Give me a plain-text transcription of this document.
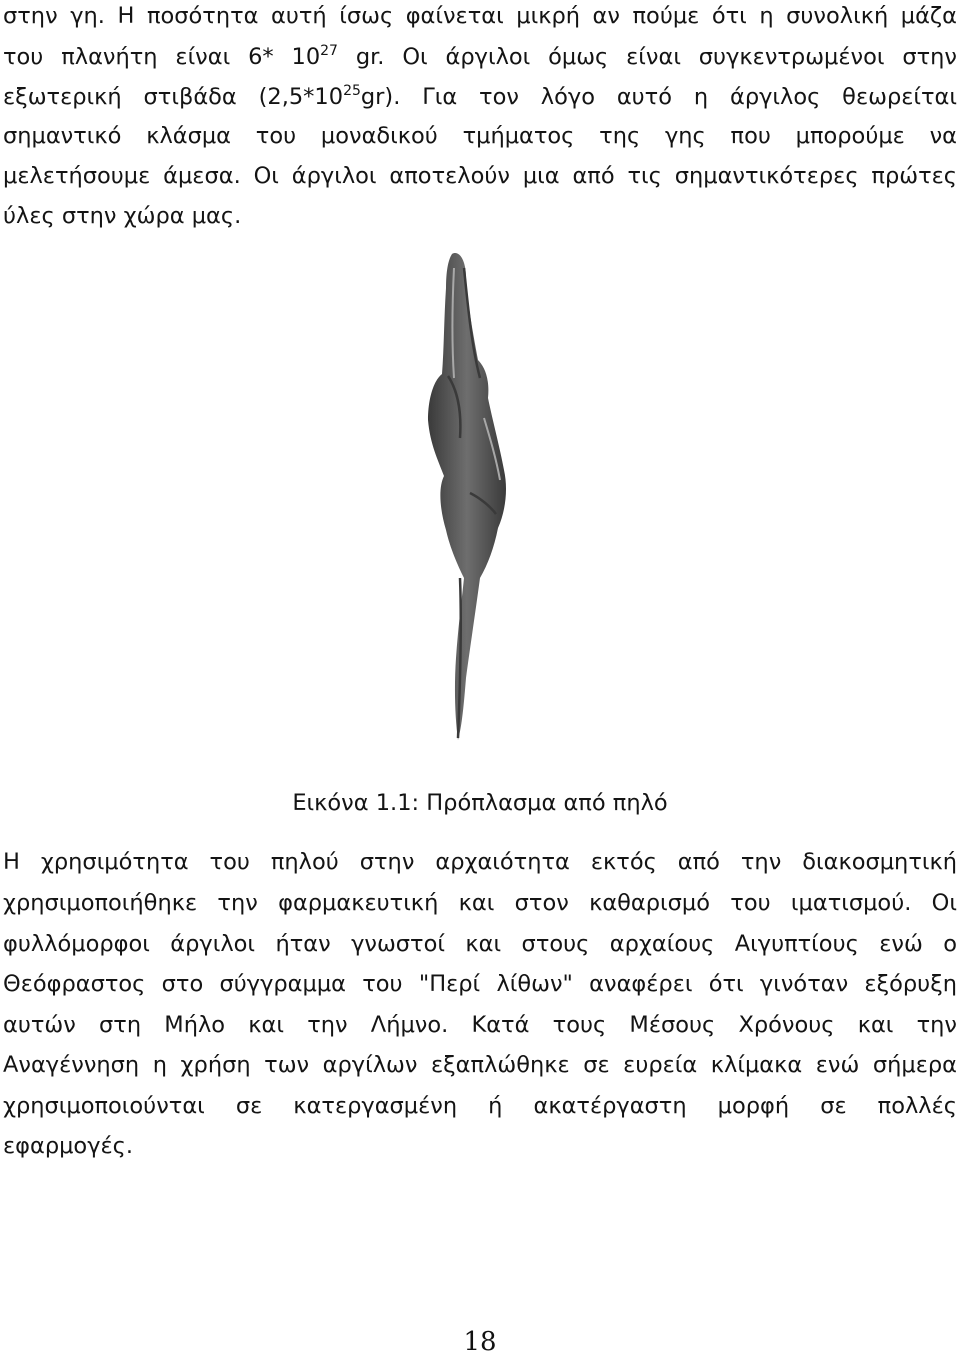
στην γη. Η ποσότητα αυτή ίσως φαίνεται μικρή αν πούμε ότι η συνολική μάζα
του πλανήτη είναι 6* $10^{27}$ gr. Οι άργιλοι όμως είναι συγκεντρωμένοι στην
εξωτερική στιβάδα $(2,5*10^{25}gr)$. Για τον λόγο αυτό η άργιλος θεωρείται
σημαντικό κλάσμα του μοναδικού τμήματος της γης που μπορούμε να
μελετήσουμε άμεσα. Οι άργιλοι αποτελούν μια από τις σημαντικότερες πρώτες
ύλες στην χώρα μας.
Εικόνα 1.1: Πρόπλασμα από πηλό
Η χρησιμότητα του πηλού στην αρχαιότητα εκτός από την διακοσμητική
χρησιμοποιήθηκε την φαρμακευτική και στον καθαρισμό του ιματισμού. Οι
φυλλόμορφοι άργιλοι ήταν γνωστοί και στους αρχαίους Αιγυπτίους ενώ ο
Θεόφραστος στο σύγγραμμα του "Περί λίθων" αναφέρει ότι γινόταν εξόρυξη
αυτών στη Μήλο και την Λήμνο. Κατά τους Μέσους Χρόνους και την
Αναγέννηση η χρήση των αργίλων εξαπλώθηκε σε ευρεία κλίμακα ενώ σήμερα
χρησιμοποιούνται σε κατεργασμένη ή ακατέργαστη μορφή σε πολλές
εφαρμογές.
18
